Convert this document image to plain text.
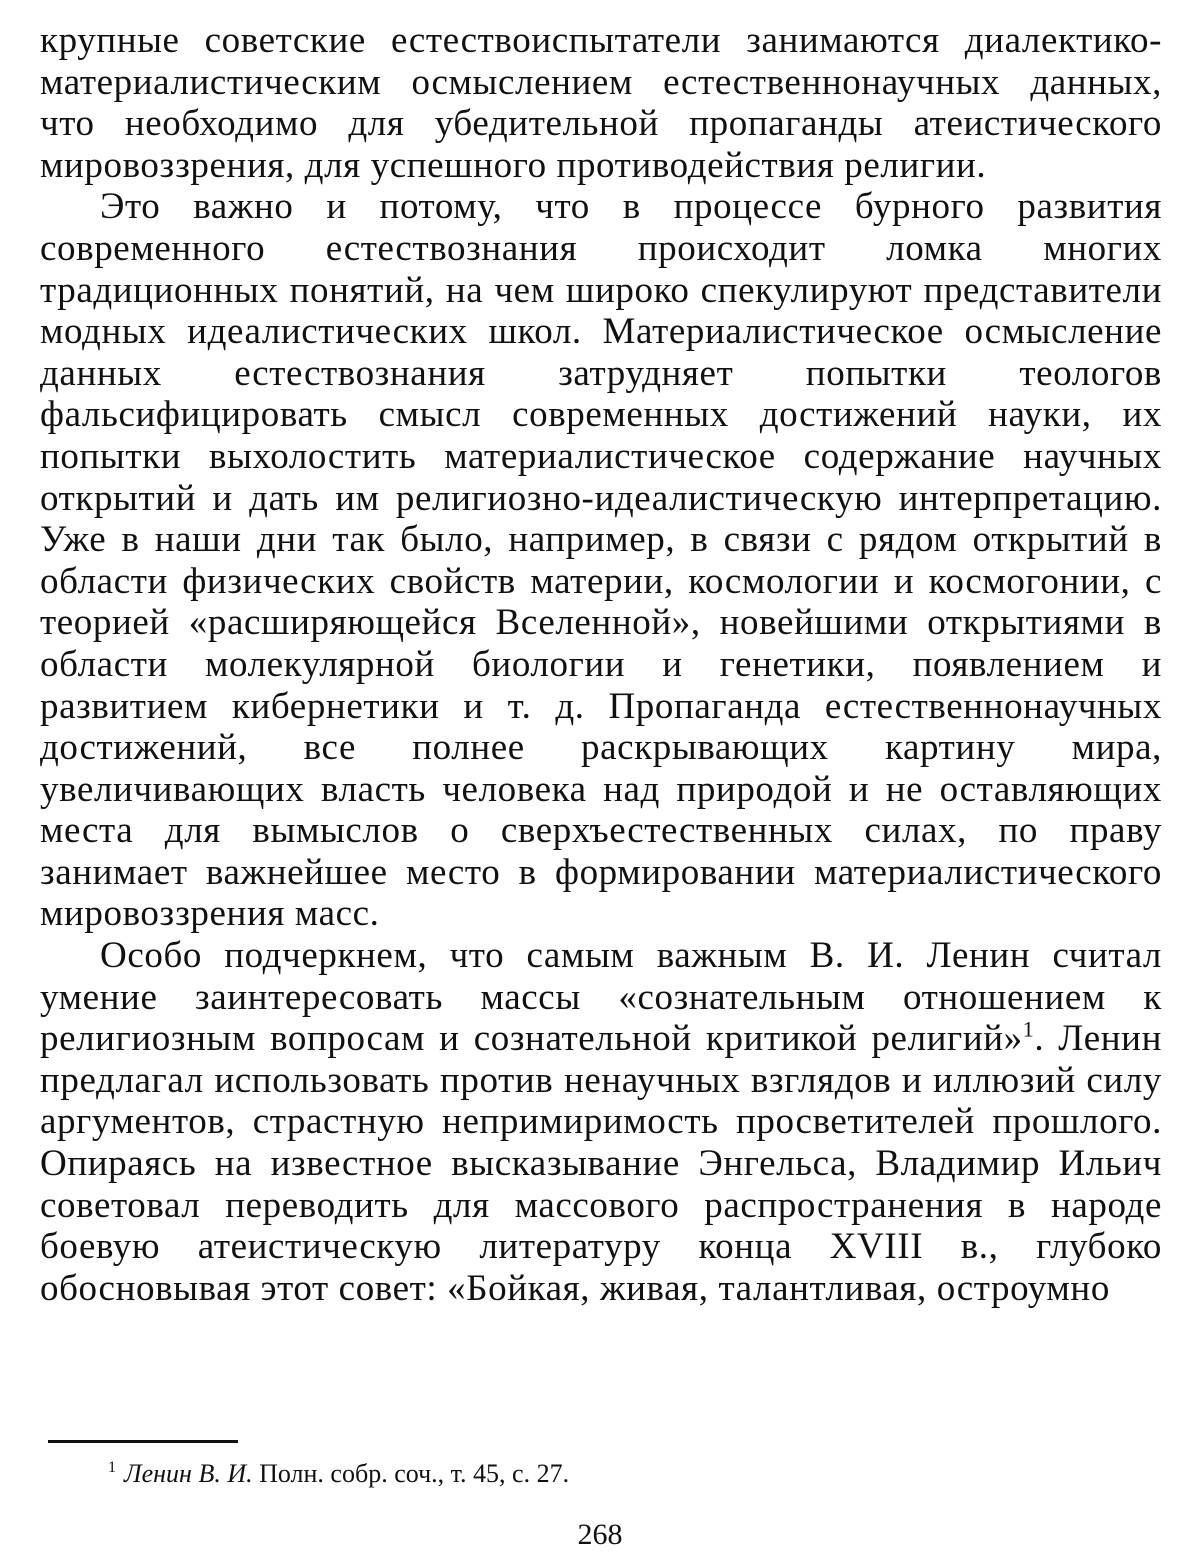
крупные советские естествоиспытатели занимаются диалектико-материалистическим осмыслением естественнонаучных данных, что необходимо для убедительной пропаганды атеистического мировоззрения, для успешного противодействия религии.

Это важно и потому, что в процессе бурного развития современного естествознания происходит ломка многих традиционных понятий, на чем широко спекулируют представители модных идеалистических школ. Материалистическое осмысление данных естествознания затрудняет попытки теологов фальсифицировать смысл современных достижений науки, их попытки выхолостить материалистическое содержание научных открытий и дать им религиозно-идеалистическую интерпретацию. Уже в наши дни так было, например, в связи с рядом открытий в области физических свойств материи, космологии и космогонии, с теорией «расширяющейся Вселенной», новейшими открытиями в области молекулярной биологии и генетики, появлением и развитием кибернетики и т. д. Пропаганда естественнонаучных достижений, все полнее раскрывающих картину мира, увеличивающих власть человека над природой и не оставляющих места для вымыслов о сверхъестественных силах, по праву занимает важнейшее место в формировании материалистического мировоззрения масс.

Особо подчеркнем, что самым важным В. И. Ленин считал умение заинтересовать массы «сознательным отношением к религиозным вопросам и сознательной критикой религий»$^1$. Ленин предлагал использовать против ненаучных взглядов и иллюзий силу аргументов, страстную непримиримость просветителей прошлого. Опираясь на известное высказывание Энгельса, Владимир Ильич советовал переводить для массового распространения в народе боевую атеистическую литературу конца XVIII в., глубоко обосновывая этот совет: «Бойкая, живая, талантливая, остроумно

$^1$ Ленин В. И. Полн. собр. соч., т. 45, с. 27.
268
